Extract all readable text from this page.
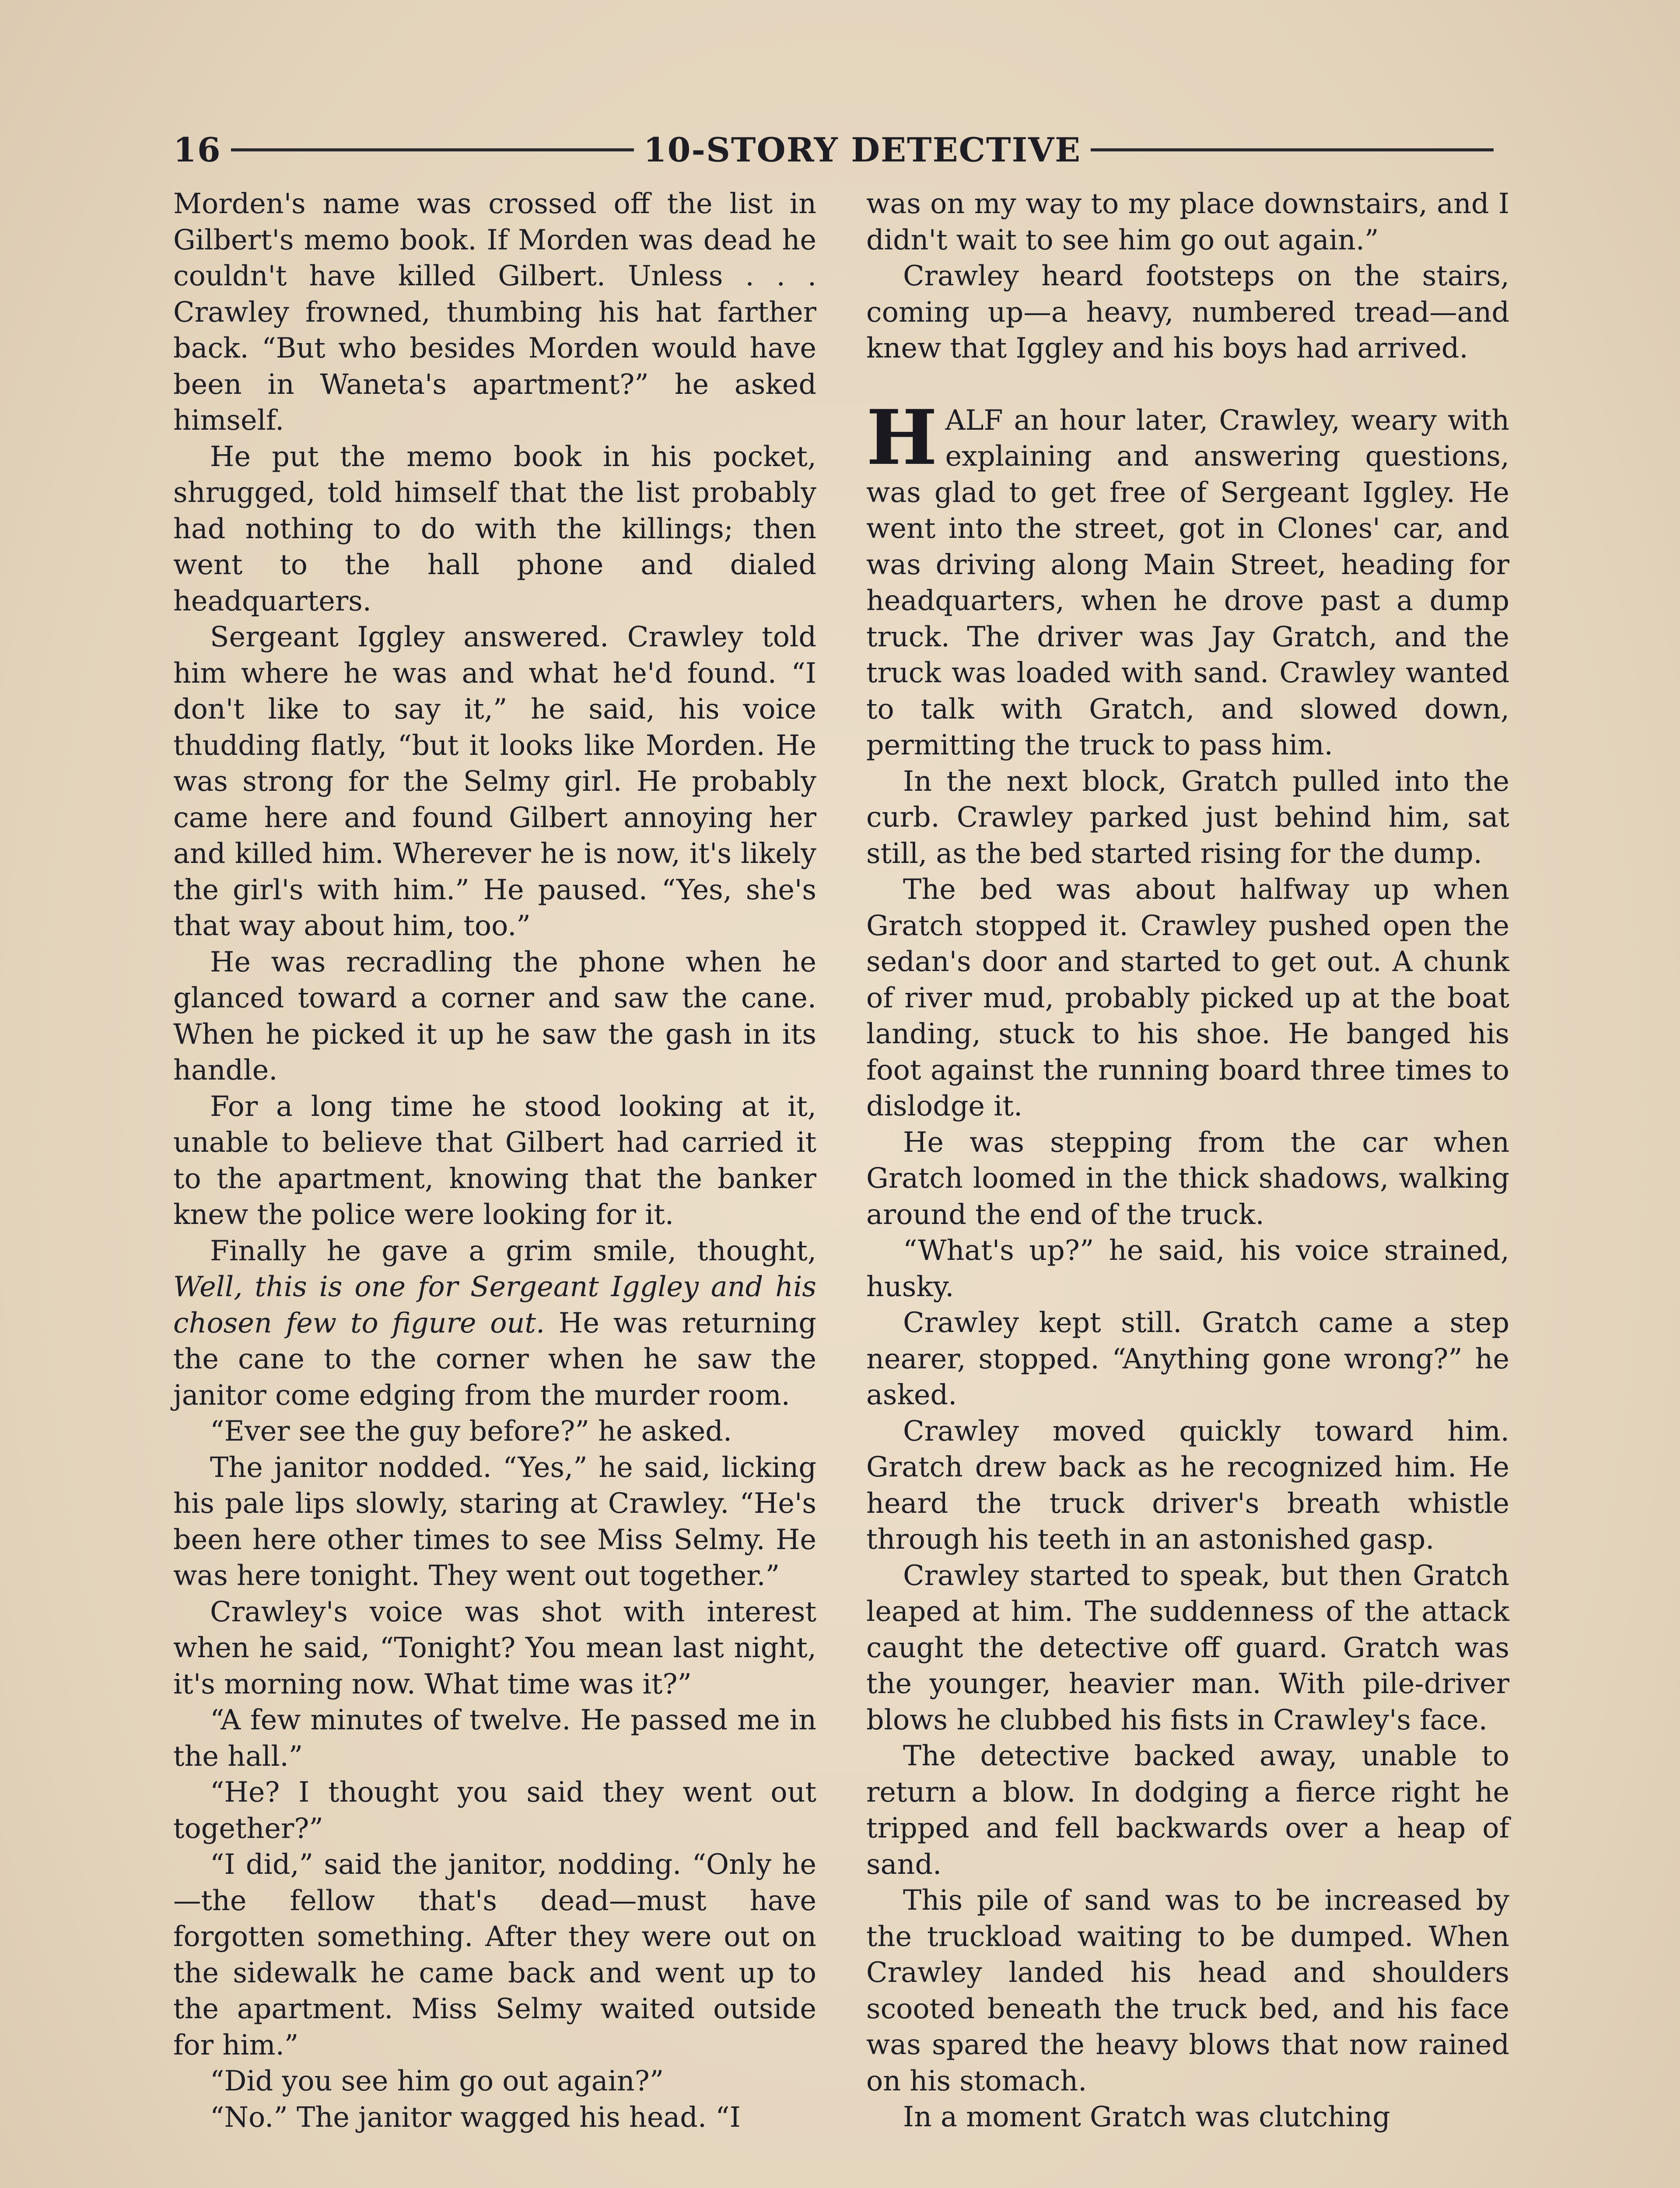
16	10-STORY DETECTIVE

Morden's name was crossed off the list in Gilbert's memo book. If Morden was dead he couldn't have killed Gilbert. Unless . . . Crawley frowned, thumbing his hat farther back. “But who besides Morden would have been in Waneta's apartment?” he asked himself.

He put the memo book in his pocket, shrugged, told himself that the list probably had nothing to do with the killings; then went to the hall phone and dialed headquarters.

Sergeant Iggley answered. Crawley told him where he was and what he'd found. “I don't like to say it,” he said, his voice thudding flatly, “but it looks like Morden. He was strong for the Selmy girl. He probably came here and found Gilbert annoying her and killed him. Wherever he is now, it's likely the girl's with him.” He paused. “Yes, she's that way about him, too.”

He was recradling the phone when he glanced toward a corner and saw the cane. When he picked it up he saw the gash in its handle.

For a long time he stood looking at it, unable to believe that Gilbert had carried it to the apartment, knowing that the banker knew the police were looking for it.

Finally he gave a grim smile, thought, Well, this is one for Sergeant Iggley and his chosen few to figure out. He was returning the cane to the corner when he saw the janitor come edging from the murder room.

“Ever see the guy before?” he asked.

The janitor nodded. “Yes,” he said, licking his pale lips slowly, staring at Crawley. “He's been here other times to see Miss Selmy. He was here tonight. They went out together.”

Crawley's voice was shot with interest when he said, “Tonight? You mean last night, it's morning now. What time was it?”

“A few minutes of twelve. He passed me in the hall.”

“He? I thought you said they went out together?”

“I did,” said the janitor, nodding. “Only he—the fellow that's dead—must have forgotten something. After they were out on the sidewalk he came back and went up to the apartment. Miss Selmy waited outside for him.”

“Did you see him go out again?”

“No.” The janitor wagged his head. “I

was on my way to my place downstairs, and I didn't wait to see him go out again.”

Crawley heard footsteps on the stairs, coming up—a heavy, numbered tread—and knew that Iggley and his boys had arrived.

HALF an hour later, Crawley, weary with explaining and answering questions, was glad to get free of Sergeant Iggley. He went into the street, got in Clones' car, and was driving along Main Street, heading for headquarters, when he drove past a dump truck. The driver was Jay Gratch, and the truck was loaded with sand. Crawley wanted to talk with Gratch, and slowed down, permitting the truck to pass him.

In the next block, Gratch pulled into the curb. Crawley parked just behind him, sat still, as the bed started rising for the dump.

The bed was about halfway up when Gratch stopped it. Crawley pushed open the sedan's door and started to get out. A chunk of river mud, probably picked up at the boat landing, stuck to his shoe. He banged his foot against the running board three times to dislodge it.

He was stepping from the car when Gratch loomed in the thick shadows, walking around the end of the truck.

“What's up?” he said, his voice strained, husky.

Crawley kept still. Gratch came a step nearer, stopped. “Anything gone wrong?” he asked.

Crawley moved quickly toward him. Gratch drew back as he recognized him. He heard the truck driver's breath whistle through his teeth in an astonished gasp.

Crawley started to speak, but then Gratch leaped at him. The suddenness of the attack caught the detective off guard. Gratch was the younger, heavier man. With pile-driver blows he clubbed his fists in Crawley's face.

The detective backed away, unable to return a blow. In dodging a fierce right he tripped and fell backwards over a heap of sand.

This pile of sand was to be increased by the truckload waiting to be dumped. When Crawley landed his head and shoulders scooted beneath the truck bed, and his face was spared the heavy blows that now rained on his stomach.

In a moment Gratch was clutching
